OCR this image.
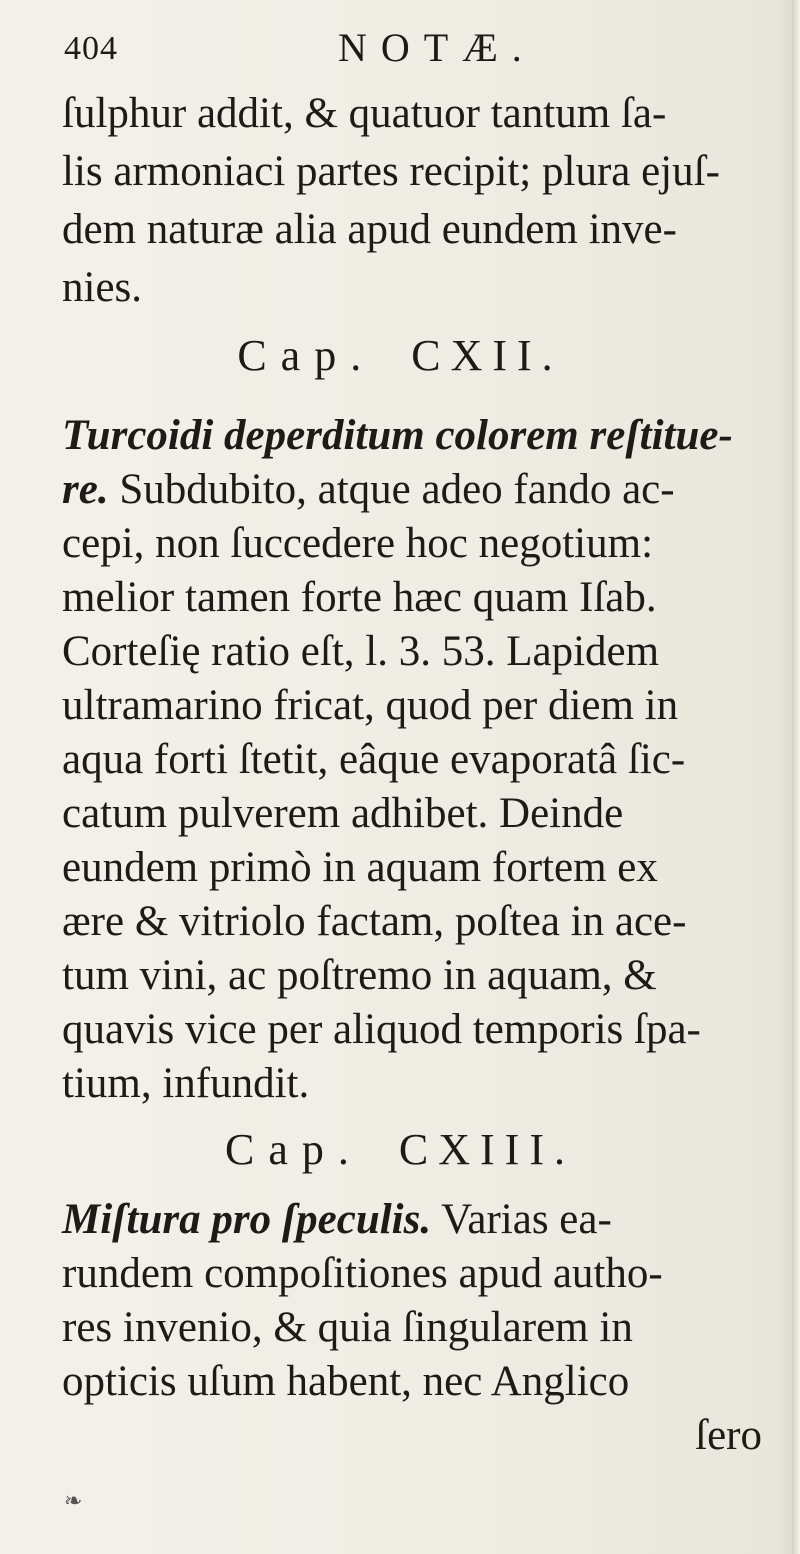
404	NOTÆ.
ſulphur addit, & quatuor tantum ſa-
lis armoniaci partes recipit; plura ejuſ-
dem naturæ alia apud eundem inve-
nies.
Cap. CXII.
Turcoidi deperditum colorem reſtitue-
re. Subdubito, atque adeo fando ac-
cepi, non ſuccedere hoc negotium:
melior tamen forte hæc quam Iſab.
Corteſię ratio eſt, l. 3. 53. Lapidem
ultramarino fricat, quod per diem in
aqua forti ſtetit, eâque evaporatâ ſic-
catum pulverem adhibet. Deinde
eundem primò in aquam fortem ex
ære & vitriolo factam, poſtea in ace-
tum vini, ac poſtremo in aquam, &
quavis vice per aliquod temporis ſpa-
tium, infundit.
Cap. CXIII.
Miſtura pro ſpeculis. Varias ea-
rundem compoſitiones apud autho-
res invenio, & quia ſingularem in
opticis uſum habent, nec Anglico
ſero
❧
